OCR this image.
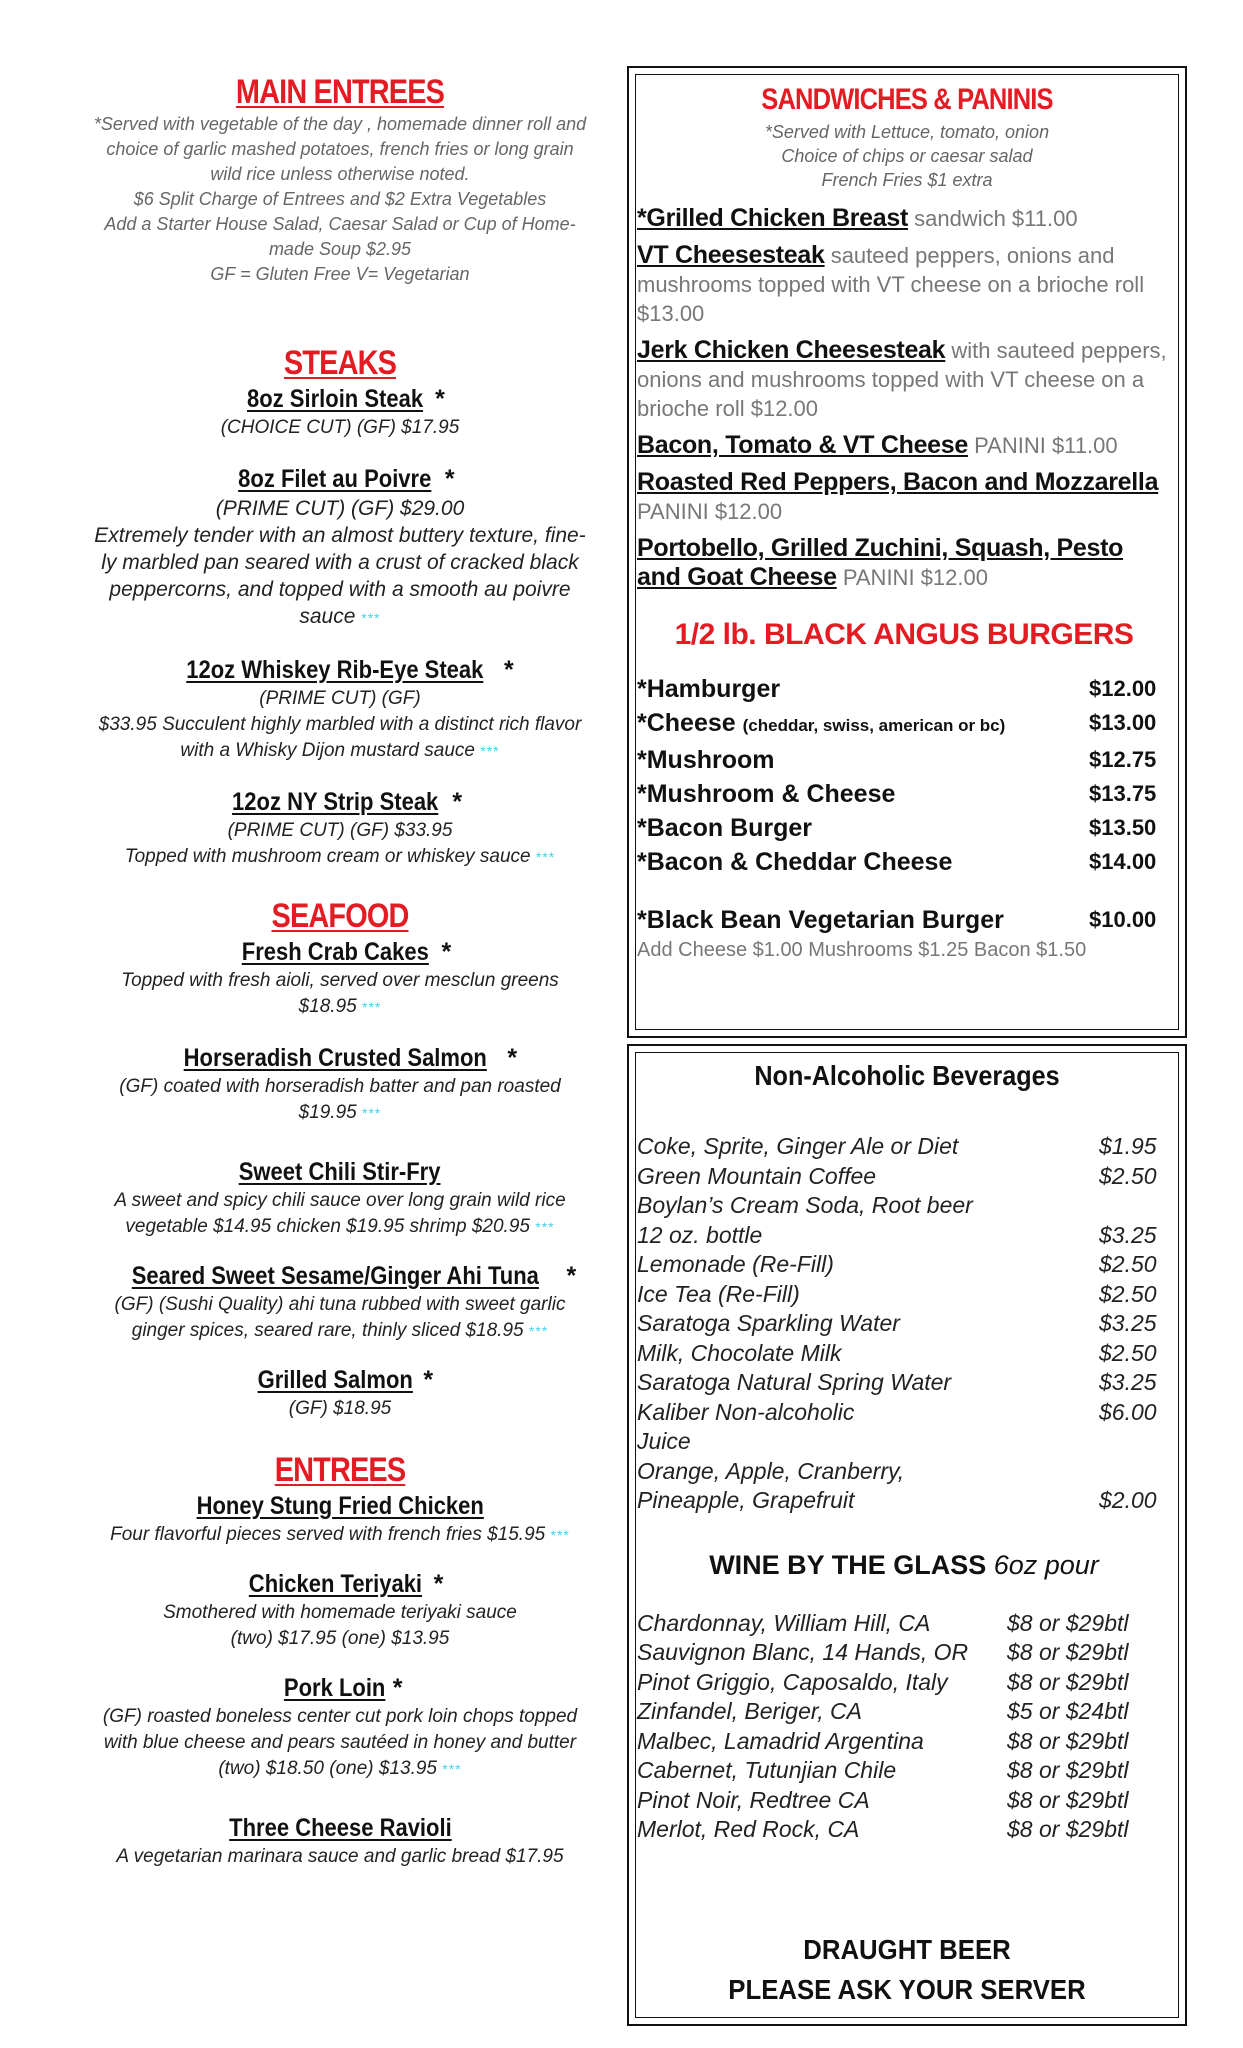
MAIN ENTREES

*Served with vegetable of the day , homemade dinner roll and
choice of garlic mashed potatoes, french fries or long grain
wild rice unless otherwise noted.
$6 Split Charge of Entrees and $2 Extra Vegetables
Add a Starter House Salad, Caesar Salad or Cup of Home-
made Soup $2.95
GF = Gluten Free V= Vegetarian

STEAKS
8oz Sirloin Steak *

(CHOICE CUT) (GF) $17.95

8oz Filet au Poivre *

(PRIME CUT) (GF) $29.00
Extremely tender with an almost buttery texture, fine-
ly marbled pan seared with a crust of cracked black
peppercorns, and topped with a smooth au poivre
sauce ***

12oz Whiskey Rib-Eye Steak *

(PRIME CUT) (GF)
$33.95 Succulent highly marbled with a distinct rich flavor
with a Whisky Dijon mustard sauce ***

12oz NY Strip Steak *

(PRIME CUT) (GF) $33.95
Topped with mushroom cream or whiskey sauce ***

SEAFOOD
Fresh Crab Cakes *

Topped with fresh aioli, served over mesclun greens
$18.95 ***

Horseradish Crusted Salmon *

(GF) coated with horseradish batter and pan roasted
$19.95 ***

Sweet Chili Stir-Fry

A sweet and spicy chili sauce over long grain wild rice
vegetable $14.95 chicken $19.95 shrimp $20.95 ***

Seared Sweet Sesame/Ginger Ahi Tuna *

(GF) (Sushi Quality) ahi tuna rubbed with sweet garlic
ginger spices, seared rare, thinly sliced $18.95 ***

Grilled Salmon *

(GF) $18.95

ENTREES
Honey Stung Fried Chicken

Four flavorful pieces served with french fries $15.95 ***

Chicken Teriyaki *

Smothered with homemade teriyaki sauce
(two) $17.95 (one) $13.95

Pork Loin *

(GF) roasted boneless center cut pork loin chops topped
with blue cheese and pears sautéed in honey and butter
(two) $18.50 (one) $13.95 ***

Three Cheese Ravioli

A vegetarian marinara sauce and garlic bread $17.95

SANDWICHES & PANINIS
*Served with Lettuce, tomato, onion
Choice of chips or caesar salad
French Fries $1 extra

*Grilled Chicken Breast sandwich $11.00

VT Cheesesteak sauteed peppers, onions and mushrooms topped with VT cheese on a brioche roll $13.00

Jerk Chicken Cheesesteak with sauteed peppers, onions and mushrooms topped with VT cheese on a brioche roll $12.00

Bacon, Tomato & VT Cheese PANINI $11.00

Roasted Red Peppers, Bacon and Mozzarella PANINI $12.00

Portobello, Grilled Zuchini, Squash, Pesto and Goat Cheese PANINI $12.00

1/2 lb. BLACK ANGUS BURGERS
*Hamburger	$12.00
*Cheese (cheddar, swiss, american or bc)	$13.00
*Mushroom	$12.75
*Mushroom & Cheese	$13.75
*Bacon Burger	$13.50
*Bacon & Cheddar Cheese	$14.00
*Black Bean Vegetarian Burger	$10.00
Add Cheese $1.00 Mushrooms $1.25 Bacon $1.50
Non-Alcoholic Beverages
Coke, Sprite, Ginger Ale or Diet	$1.95
Green Mountain Coffee	$2.50
Boylan’s Cream Soda, Root beer
12 oz. bottle	$3.25
Lemonade (Re-Fill)	$2.50
Ice Tea (Re-Fill)	$2.50
Saratoga Sparkling Water	$3.25
Milk, Chocolate Milk	$2.50
Saratoga Natural Spring Water	$3.25
Kaliber Non-alcoholic	$6.00
Juice
Orange, Apple, Cranberry,
Pineapple, Grapefruit	$2.00
WINE BY THE GLASS 6oz pour
Chardonnay, William Hill, CA	$8 or $29btl
Sauvignon Blanc, 14 Hands, OR	$8 or $29btl
Pinot Griggio, Caposaldo, Italy	$8 or $29btl
Zinfandel, Beriger, CA	$5 or $24btl
Malbec, Lamadrid Argentina	$8 or $29btl
Cabernet, Tutunjian Chile	$8 or $29btl
Pinot Noir, Redtree CA	$8 or $29btl
Merlot, Red Rock, CA	$8 or $29btl
DRAUGHT BEER
PLEASE ASK YOUR SERVER
